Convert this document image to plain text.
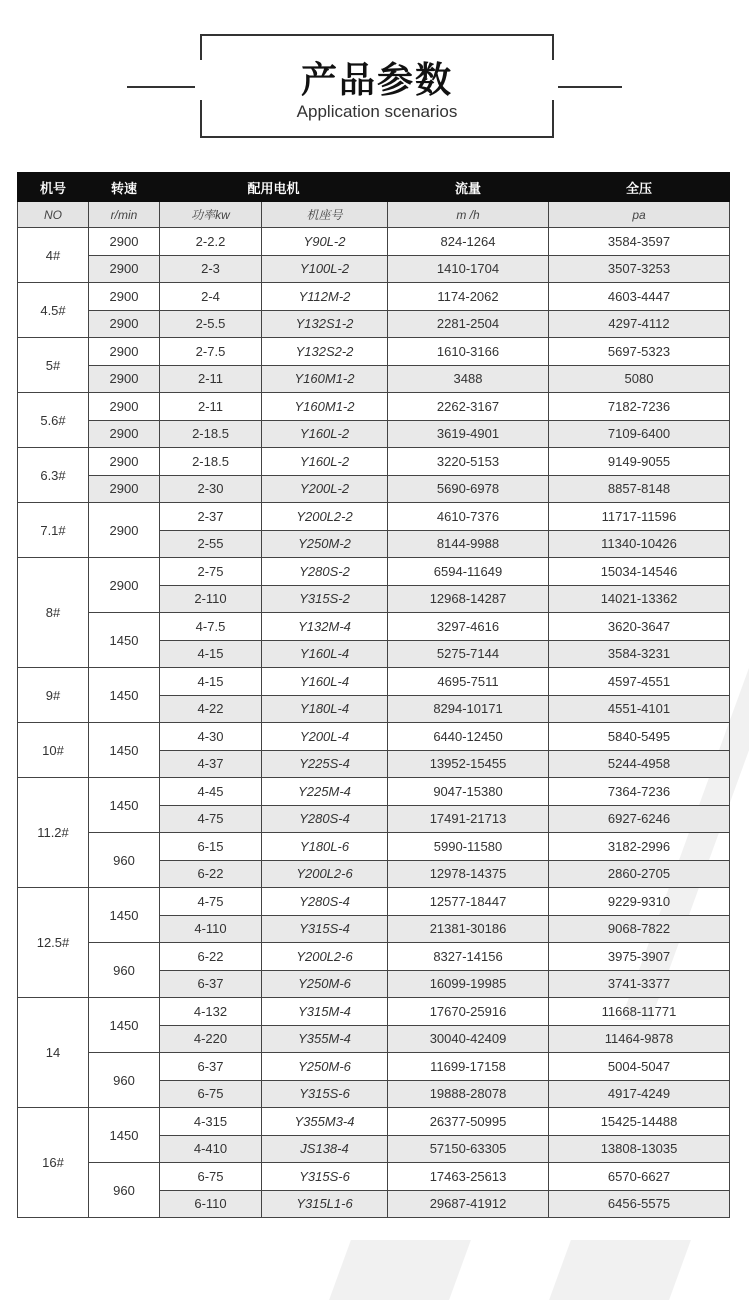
产品参数
Application scenarios
机号	转速	配用电机		流量	全压
NO	r/min	功率kw	机座号	m /h	pa
4#	2900	2-2.2	Y90L-2	824-1264	3584-3597
	2900	2-3	Y100L-2	1410-1704	3507-3253
4.5#	2900	2-4	Y112M-2	1174-2062	4603-4447
	2900	2-5.5	Y132S1-2	2281-2504	4297-4112
5#	2900	2-7.5	Y132S2-2	1610-3166	5697-5323
	2900	2-11	Y160M1-2	3488	5080
5.6#	2900	2-11	Y160M1-2	2262-3167	7182-7236
	2900	2-18.5	Y160L-2	3619-4901	7109-6400
6.3#	2900	2-18.5	Y160L-2	3220-5153	9149-9055
	2900	2-30	Y200L-2	5690-6978	8857-8148
7.1#	2900	2-37	Y200L2-2	4610-7376	11717-11596
		2-55	Y250M-2	8144-9988	11340-10426
8#	2900	2-75	Y280S-2	6594-11649	15034-14546
		2-110	Y315S-2	12968-14287	14021-13362
	1450	4-7.5	Y132M-4	3297-4616	3620-3647
		4-15	Y160L-4	5275-7144	3584-3231
9#	1450	4-15	Y160L-4	4695-7511	4597-4551
		4-22	Y180L-4	8294-10171	4551-4101
10#	1450	4-30	Y200L-4	6440-12450	5840-5495
		4-37	Y225S-4	13952-15455	5244-4958
11.2#	1450	4-45	Y225M-4	9047-15380	7364-7236
		4-75	Y280S-4	17491-21713	6927-6246
	960	6-15	Y180L-6	5990-11580	3182-2996
		6-22	Y200L2-6	12978-14375	2860-2705
12.5#	1450	4-75	Y280S-4	12577-18447	9229-9310
		4-110	Y315S-4	21381-30186	9068-7822
	960	6-22	Y200L2-6	8327-14156	3975-3907
		6-37	Y250M-6	16099-19985	3741-3377
14	1450	4-132	Y315M-4	17670-25916	11668-11771
		4-220	Y355M-4	30040-42409	11464-9878
	960	6-37	Y250M-6	11699-17158	5004-5047
		6-75	Y315S-6	19888-28078	4917-4249
16#	1450	4-315	Y355M3-4	26377-50995	15425-14488
		4-410	JS138-4	57150-63305	13808-13035
	960	6-75	Y315S-6	17463-25613	6570-6627
		6-110	Y315L1-6	29687-41912	6456-5575
